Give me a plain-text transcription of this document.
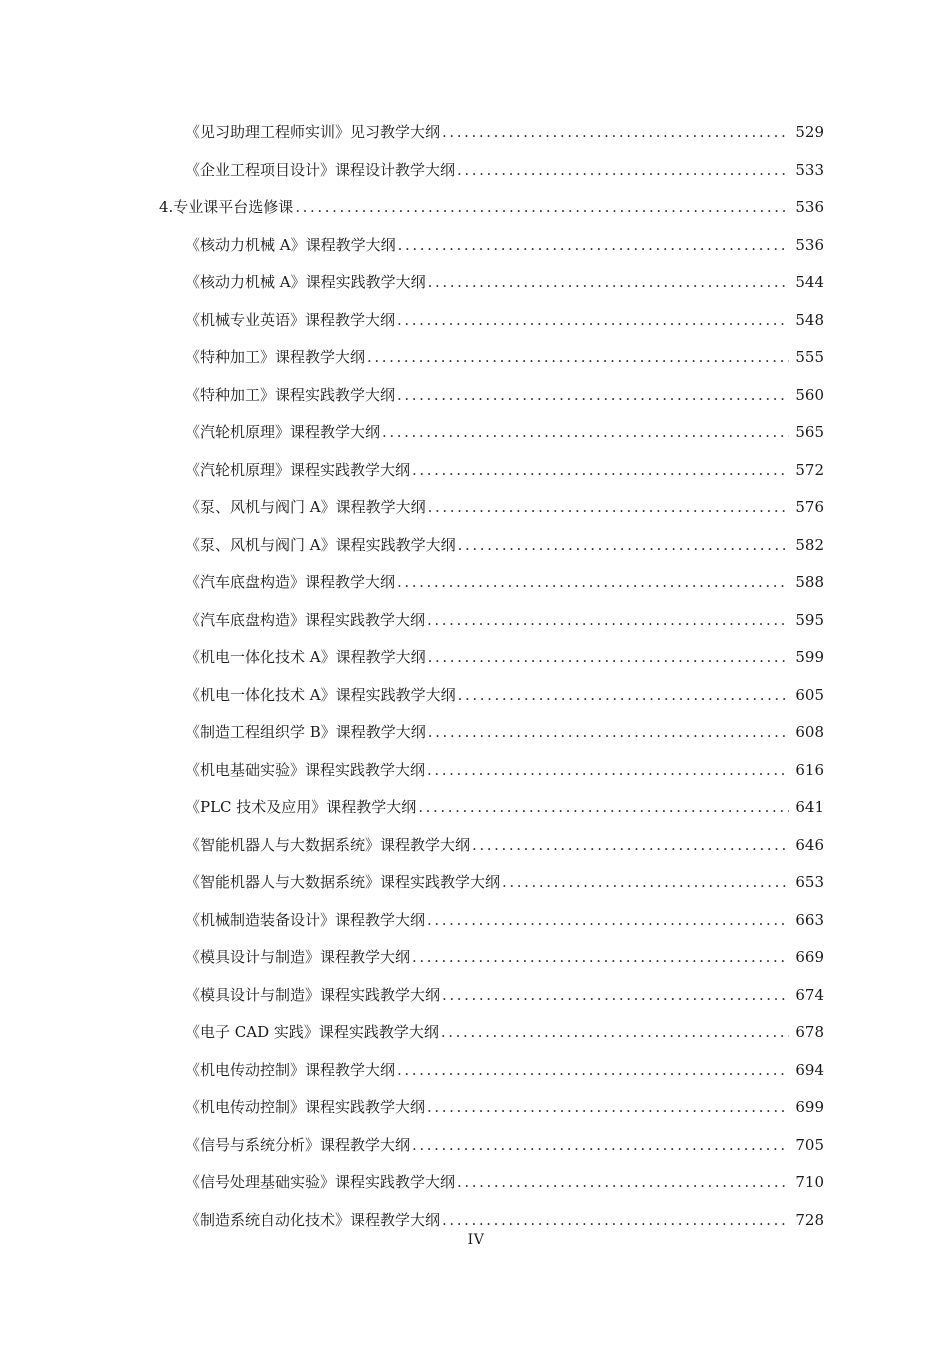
《见习助理工程师实训》见习教学大纲 .....	529
《企业工程项目设计》课程设计教学大纲 .....	533
4.专业课平台选修课 .....	536
《核动力机械 A》课程教学大纲 .....	536
《核动力机械 A》课程实践教学大纲 .....	544
《机械专业英语》课程教学大纲 .....	548
《特种加工》课程教学大纲 .....	555
《特种加工》课程实践教学大纲 .....	560
《汽轮机原理》课程教学大纲 .....	565
《汽轮机原理》课程实践教学大纲 .....	572
《泵、风机与阀门 A》课程教学大纲 .....	576
《泵、风机与阀门 A》课程实践教学大纲 .....	582
《汽车底盘构造》课程教学大纲 .....	588
《汽车底盘构造》课程实践教学大纲 .....	595
《机电一体化技术 A》课程教学大纲 .....	599
《机电一体化技术 A》课程实践教学大纲 .....	605
《制造工程组织学 B》课程教学大纲 .....	608
《机电基础实验》课程实践教学大纲 .....	616
《PLC 技术及应用》课程教学大纲 .....	641
《智能机器人与大数据系统》课程教学大纲 .....	646
《智能机器人与大数据系统》课程实践教学大纲 .....	653
《机械制造装备设计》课程教学大纲 .....	663
《模具设计与制造》课程教学大纲 .....	669
《模具设计与制造》课程实践教学大纲 .....	674
《电子 CAD 实践》课程实践教学大纲 .....	678
《机电传动控制》课程教学大纲 .....	694
《机电传动控制》课程实践教学大纲 .....	699
《信号与系统分析》课程教学大纲 .....	705
《信号处理基础实验》课程实践教学大纲 .....	710
《制造系统自动化技术》课程教学大纲 .....	728
IV
